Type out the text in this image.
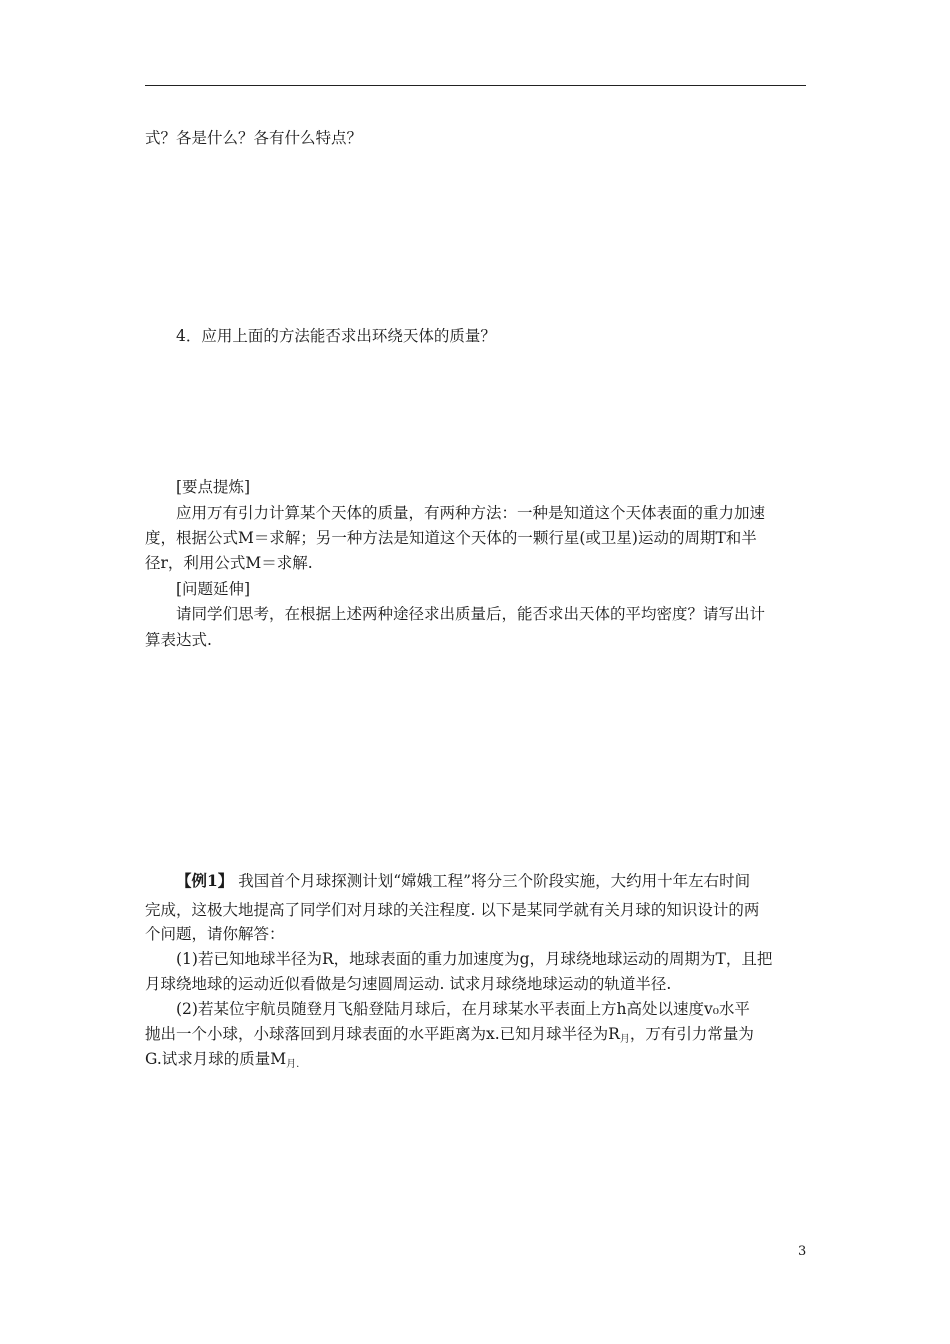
式？各是什么？各有什么特点？
4．应用上面的方法能否求出环绕天体的质量？
[要点提炼]
应用万有引力计算某个天体的质量，有两种方法：一种是知道这个天体表面的重力加速
度，根据公式M＝求解；另一种方法是知道这个天体的一颗行星(或卫星)运动的周期T和半
径r，利用公式M＝求解.
[问题延伸]
请同学们思考，在根据上述两种途径求出质量后，能否求出天体的平均密度？请写出计
算表达式.
【例1】 我国首个月球探测计划“嫦娥工程”将分三个阶段实施，大约用十年左右时间
完成，这极大地提高了同学们对月球的关注程度. 以下是某同学就有关月球的知识设计的两
个问题，请你解答：
(1)若已知地球半径为R，地球表面的重力加速度为g，月球绕地球运动的周期为T，且把
月球绕地球的运动近似看做是匀速圆周运动. 试求月球绕地球运动的轨道半径.
(2)若某位宇航员随登月飞船登陆月球后，在月球某水平表面上方h高处以速度v₀水平
抛出一个小球，小球落回到月球表面的水平距离为x.已知月球半径为$R_月$，万有引力常量为
G.试求月球的质量$M_{月.}$
3
